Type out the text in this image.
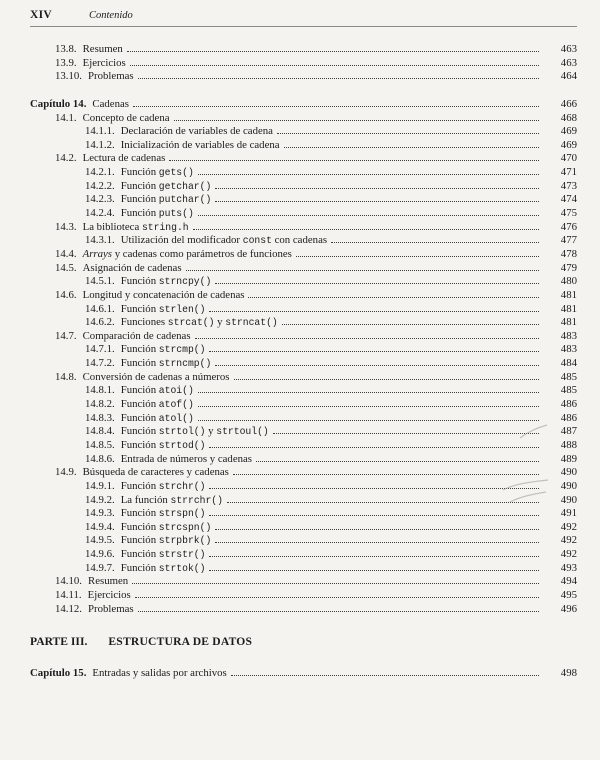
XIV	Contenido
13.8. Resumen	463
13.9. Ejercicios	463
13.10. Problemas	464
Capítulo 14. Cadenas	466
14.1. Concepto de cadena	468
14.1.1. Declaración de variables de cadena	469
14.1.2. Inicialización de variables de cadena	469
14.2. Lectura de cadenas	470
14.2.1. Función gets()	471
14.2.2. Función getchar()	473
14.2.3. Función putchar()	474
14.2.4. Función puts()	475
14.3. La biblioteca string.h	476
14.3.1. Utilización del modificador const con cadenas	477
14.4. Arrays y cadenas como parámetros de funciones	478
14.5. Asignación de cadenas	479
14.5.1. Función strncpy()	480
14.6. Longitud y concatenación de cadenas	481
14.6.1. Función strlen()	481
14.6.2. Funciones strcat() y strncat()	481
14.7. Comparación de cadenas	483
14.7.1. Función strcmp()	483
14.7.2. Función strncmp()	484
14.8. Conversión de cadenas a números	485
14.8.1. Función atoi()	485
14.8.2. Función atof()	486
14.8.3. Función atol()	486
14.8.4. Función strtol() y strtoul()	487
14.8.5. Función strtod()	488
14.8.6. Entrada de números y cadenas	489
14.9. Búsqueda de caracteres y cadenas	490
14.9.1. Función strchr()	490
14.9.2. La función strrchr()	490
14.9.3. Función strspn()	491
14.9.4. Función strcspn()	492
14.9.5. Función strpbrk()	492
14.9.6. Función strstr()	492
14.9.7. Función strtok()	493
14.10. Resumen	494
14.11. Ejercicios	495
14.12. Problemas	496
PARTE III. ESTRUCTURA DE DATOS
Capítulo 15. Entradas y salidas por archivos	498
